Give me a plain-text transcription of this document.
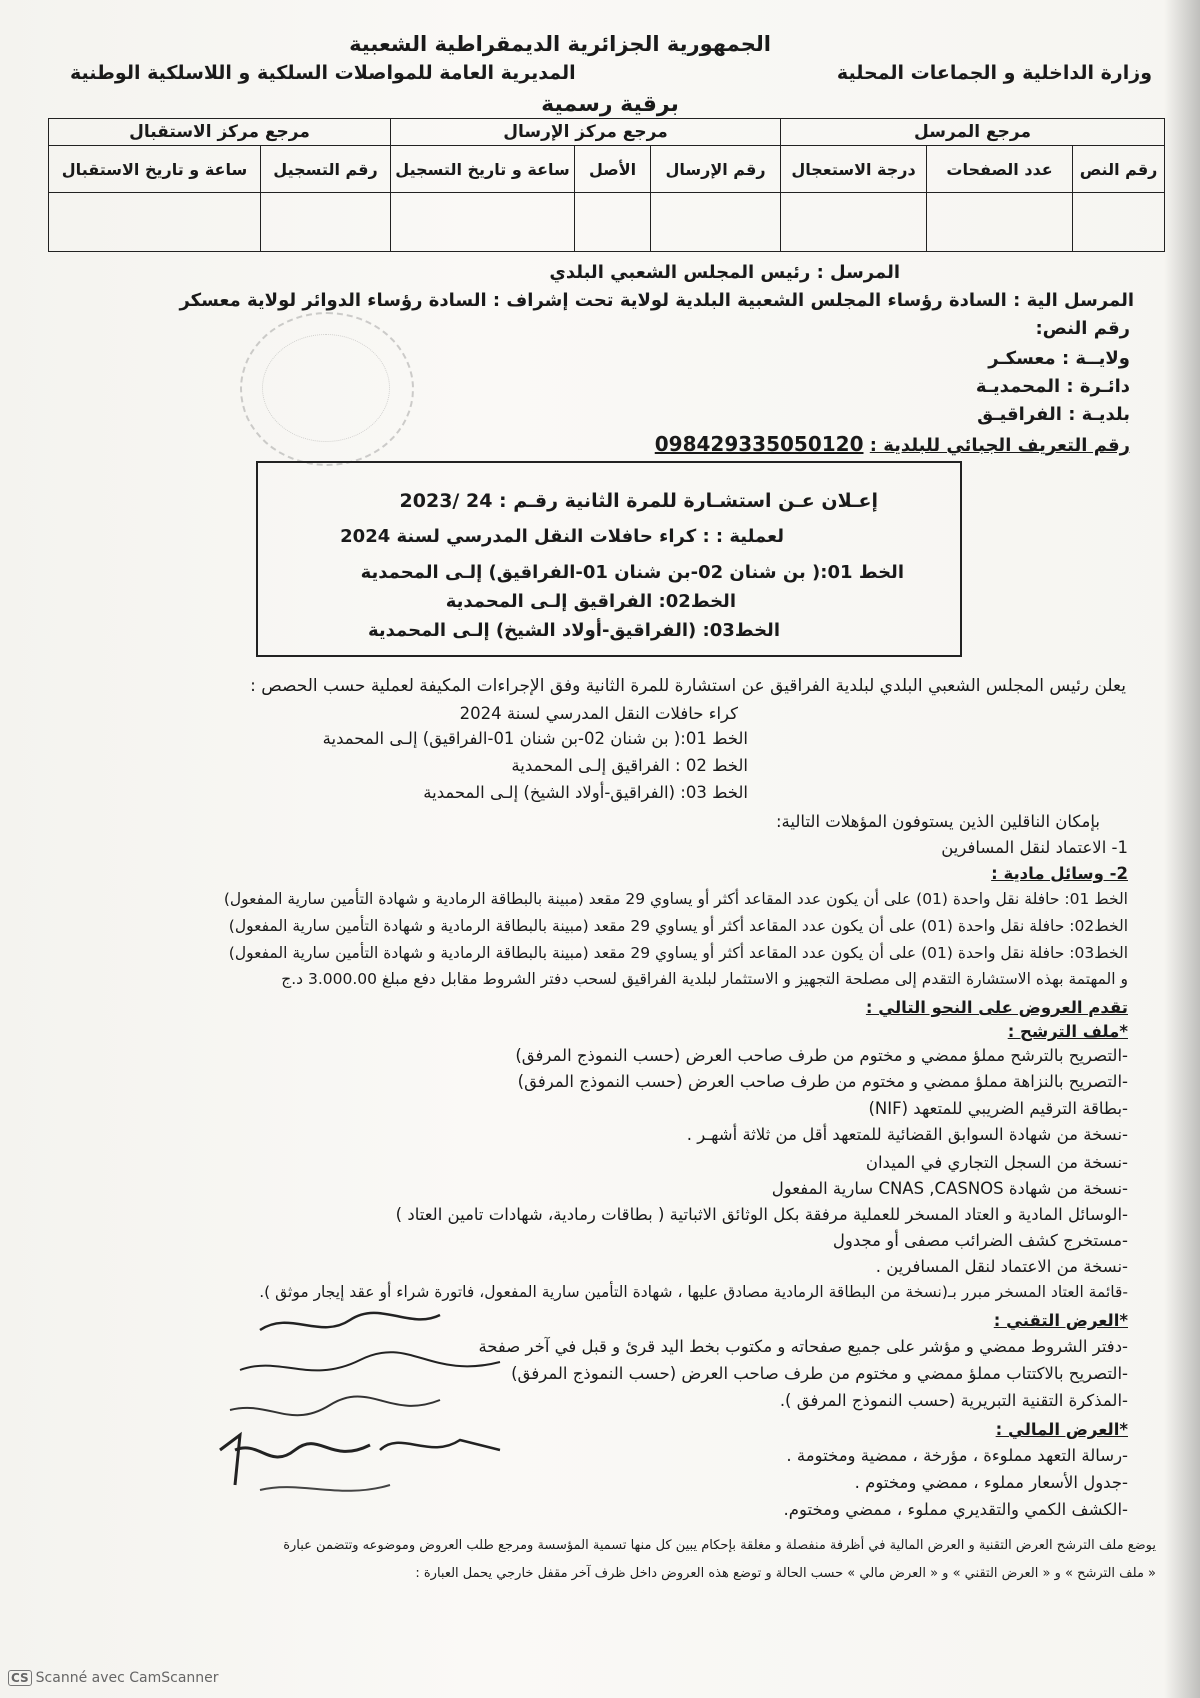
الجمهورية الجزائرية الديمقراطية الشعبية
وزارة الداخلية و الجماعات المحلية
المديرية العامة للمواصلات السلكية و اللاسلكية الوطنية
برقية رسمية
مرجع المرسل			مرجع مركز الإرسال			مرجع مركز الاستقبال	
رقم النص	عدد الصفحات	درجة الاستعجال	رقم الإرسال	الأصل	ساعة و تاريخ التسجيل	رقم التسجيل	ساعة و تاريخ الاستقبال

المرسل : رئيس المجلس الشعبي البلدي
المرسل الية : السادة رؤساء المجلس الشعبية البلدية لولاية تحت إشراف : السادة رؤساء الدوائر لولاية معسكر
رقم النص:
ولايــة : معسكـر
دائـرة : المحمديـة
بلديـة : الفراقيـق
رقم التعريف الجبائي للبلدية : 098429335050120
إعـلان عـن استشـارة للمرة الثانية رقـم : 24 /2023
لعملية : : كراء حافلات النقل المدرسي لسنة 2024
الخط 01:( بن شنان 02-بن شنان 01-الفراقيق) إلـى المحمدية
الخط02: الفراقيق إلـى المحمدية
الخط03: (الفراقيق-أولاد الشيخ) إلـى المحمدية
يعلن رئيس المجلس الشعبي البلدي لبلدية الفراقيق عن استشارة للمرة الثانية وفق الإجراءات المكيفة لعملية حسب الحصص :
كراء حافلات النقل المدرسي لسنة 2024
الخط 01:( بن شنان 02-بن شنان 01-الفراقيق) إلـى المحمدية
الخط 02 : الفراقيق إلـى المحمدية
الخط 03: (الفراقيق-أولاد الشيخ) إلـى المحمدية
بإمكان الناقلين الذين يستوفون المؤهلات التالية:
1- الاعتماد لنقل المسافرين
2- وسائل مادية :
الخط 01: حافلة نقل واحدة (01) على أن يكون عدد المقاعد أكثر أو يساوي 29 مقعد (مبينة بالبطاقة الرمادية و شهادة التأمين سارية المفعول)
الخط02: حافلة نقل واحدة (01) على أن يكون عدد المقاعد أكثر أو يساوي 29 مقعد (مبينة بالبطاقة الرمادية و شهادة التأمين سارية المفعول)
الخط03: حافلة نقل واحدة (01) على أن يكون عدد المقاعد أكثر أو يساوي 29 مقعد (مبينة بالبطاقة الرمادية و شهادة التأمين سارية المفعول)
و المهتمة بهذه الاستشارة التقدم إلى مصلحة التجهيز و الاستثمار لبلدية الفراقيق لسحب دفتر الشروط مقابل دفع مبلغ 3.000.00 د.ج
تقدم العروض على النحو التالي :
*ملف الترشح :
-التصريح بالترشح مملؤ ممضي و مختوم من طرف صاحب العرض (حسب النموذج المرفق)
-التصريح بالنزاهة مملؤ ممضي و مختوم من طرف صاحب العرض (حسب النموذج المرفق)
-بطاقة الترقيم الضريبي للمتعهد (NIF)
-نسخة من شهادة السوابق القضائية للمتعهد أقل من ثلاثة أشهـر .
-نسخة من السجل التجاري في الميدان
-نسخة من شهادة CNAS ,CASNOS سارية المفعول
-الوسائل المادية و العتاد المسخر للعملية مرفقة بكل الوثائق الاثباتية ( بطاقات رمادية، شهادات تامين العتاد )
-مستخرج كشف الضرائب مصفى أو مجدول
-نسخة من الاعتماد لنقل المسافرين .
-قائمة العتاد المسخر مبرر بـ(نسخة من البطاقة الرمادية مصادق عليها ، شهادة التأمين سارية المفعول، فاتورة شراء أو عقد إيجار موثق ).
*العرض التقني :
-دفتر الشروط ممضي و مؤشر على جميع صفحاته و مكتوب بخط اليد قرئ و قبل في آخر صفحة
-التصريح بالاكتتاب مملؤ ممضي و مختوم من طرف صاحب العرض (حسب النموذج المرفق)
-المذكرة التقنية التبريرية (حسب النموذج المرفق ).
*العرض المالي :
-رسالة التعهد مملوءة ، مؤرخة ، ممضية ومختومة .
-جدول الأسعار مملوء ، ممضي ومختوم .
-الكشف الكمي والتقديري مملوء ، ممضي ومختوم.
يوضع ملف الترشح العرض التقنية و العرض المالية في أظرفة منفصلة و مغلقة بإحكام يبين كل منها تسمية المؤسسة ومرجع طلب العروض وموضوعه وتتضمن عبارة
« ملف الترشح » و « العرض التقني » و « العرض مالي » حسب الحالة و توضع هذه العروض داخل ظرف آخر مقفل خارجي يحمل العبارة :
CS Scanné avec CamScanner
